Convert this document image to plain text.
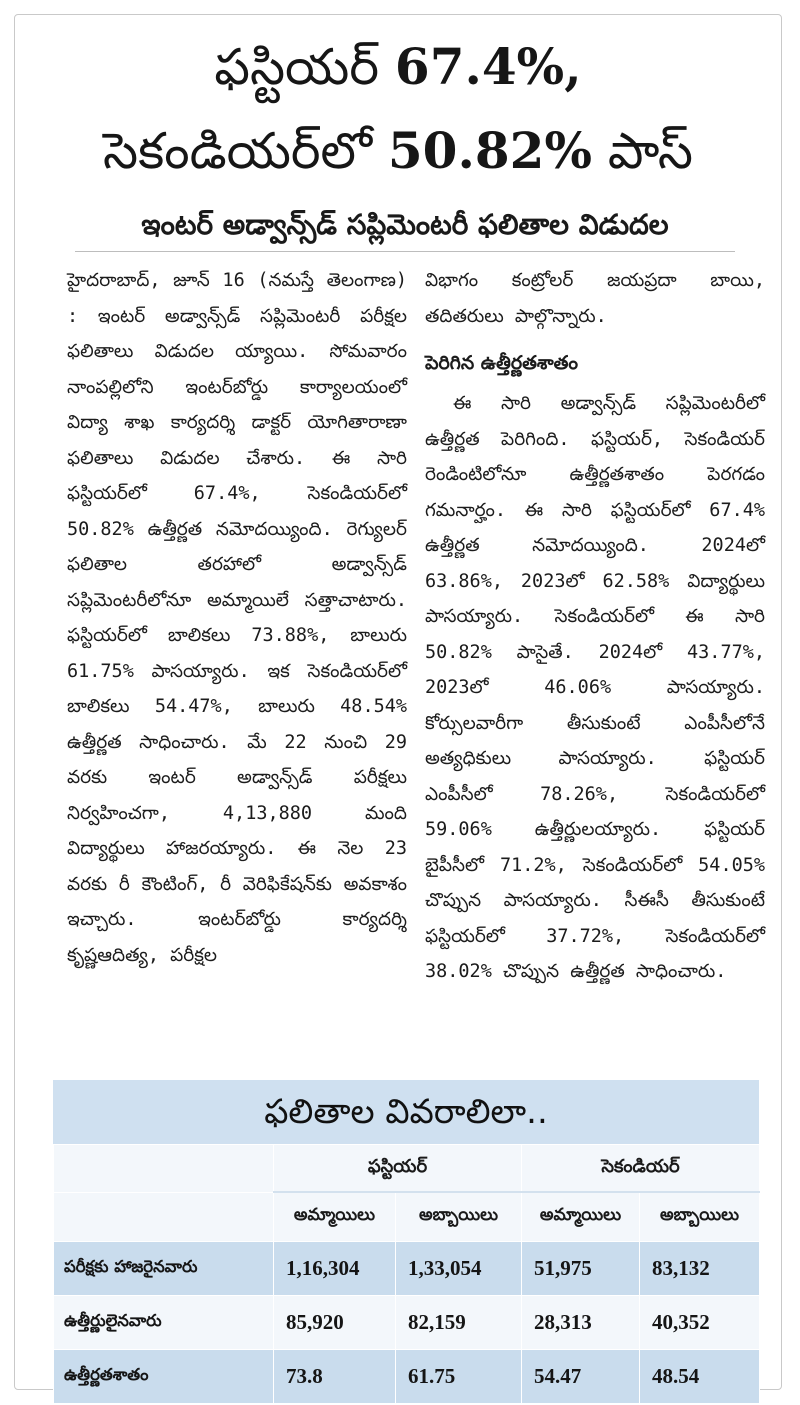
ఫస్టియర్ 67.4%,
సెకండియర్‌లో 50.82% పాస్
ఇంటర్ అడ్వాన్స్‌డ్ సప్లిమెంటరీ ఫలితాల విడుదల

హైదరాబాద్, జూన్ 16 (నమస్తే తెలంగాణ) : ఇంటర్ అడ్వాన్స్‌డ్ సప్లిమెంటరీ పరీక్షల ఫలితాలు విడుదల య్యాయి. సోమవారం నాంపల్లిలోని ఇంటర్‌బోర్డు కార్యాలయంలో విద్యా శాఖ కార్యదర్శి డాక్టర్ యోగితారాణా ఫలితాలు విడుదల చేశారు. ఈ సారి ఫస్టియర్‌లో 67.4%, సెకండియర్‌లో 50.82% ఉత్తీర్ణత నమోదయ్యింది. రెగ్యులర్ ఫలితాల తరహాలో అడ్వాన్స్‌డ్ సప్లిమెంటరీలోనూ అమ్మాయిలే సత్తాచాటారు. ఫస్టియర్‌లో బాలికలు 73.88%, బాలురు 61.75% పాసయ్యారు. ఇక సెకండియర్‌లో బాలికలు 54.47%, బాలురు 48.54% ఉత్తీర్ణత సాధించారు. మే 22 నుంచి 29 వరకు ఇంటర్ అడ్వాన్స్‌డ్ పరీక్షలు నిర్వహించగా, 4,13,880 మంది విద్యార్థులు హాజరయ్యారు. ఈ నెల 23 వరకు రీ కౌంటింగ్, రీ వెరిఫికేషన్‌కు అవకాశం ఇచ్చారు. ఇంటర్‌బోర్డు కార్యదర్శి కృష్ణఆదిత్య, పరీక్షల

విభాగం కంట్రోలర్ జయప్రదా బాయి, తదితరులు పాల్గొన్నారు.

పెరిగిన ఉత్తీర్ణతశాతం

ఈ సారి అడ్వాన్స్‌డ్ సప్లిమెంటరీలో ఉత్తీర్ణత పెరిగింది. ఫస్టియర్, సెకండియర్ రెండింటిలోనూ ఉత్తీర్ణతశాతం పెరగడం గమనార్హం. ఈ సారి ఫస్టియర్‌లో 67.4% ఉత్తీర్ణత నమోదయ్యింది. 2024లో 63.86%, 2023లో 62.58% విద్యార్థులు పాసయ్యారు. సెకండియర్‌లో ఈ సారి 50.82% పాసైతే. 2024లో 43.77%, 2023లో 46.06% పాసయ్యారు. కోర్సులవారీగా తీసుకుంటే ఎంపీసీలోనే అత్యధికులు పాసయ్యారు. ఫస్టియర్ ఎంపీసీలో 78.26%, సెకండియర్‌లో 59.06% ఉత్తీర్ణులయ్యారు. ఫస్టియర్ బైపీసీలో 71.2%, సెకండియర్‌లో 54.05% చొప్పున పాసయ్యారు. సీఈసీ తీసుకుంటే ఫస్టియర్‌లో 37.72%, సెకండియర్‌లో 38.02% చొప్పున ఉత్తీర్ణత సాధించారు.

ఫలితాల వివరాలిలా..
	ఫస్టియర్		సెకండియర్	
	అమ్మాయిలు	అబ్బాయిలు	అమ్మాయిలు	అబ్బాయిలు
పరీక్షకు హాజరైనవారు	1,16,304	1,33,054	51,975	83,132
ఉత్తీర్ణులైనవారు	85,920	82,159	28,313	40,352
ఉత్తీర్ణతశాతం	73.8	61.75	54.47	48.54
